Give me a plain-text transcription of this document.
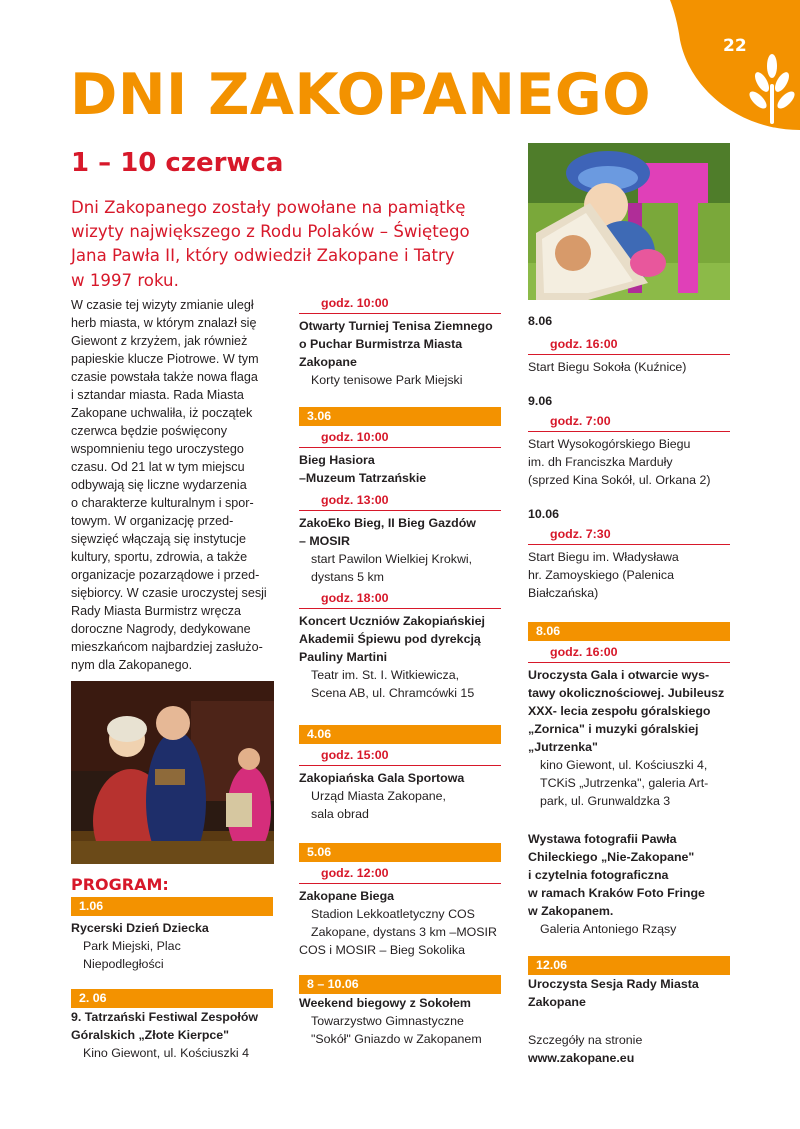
22
DNI ZAKOPANEGO
1 – 10 czerwca
Dni Zakopanego zostały powołane na pamiątkę
wizyty największego z Rodu Polaków – Świętego
Jana Pawła II, który odwiedził Zakopane i Tatry
w 1997 roku.
W czasie tej wizyty zmianie uległ
herb miasta, w którym znalazł się
Giewont z krzyżem, jak również
papieskie klucze Piotrowe. W tym
czasie powstała także nowa flaga
i sztandar miasta. Rada Miasta
Zakopane uchwaliła, iż początek
czerwca będzie poświęcony
wspomnieniu tego uroczystego
czasu. Od 21 lat w tym miejscu
odbywają się liczne wydarzenia
o charakterze kulturalnym i spor-
towym. W organizację przed-
sięwzięć włączają się instytucje
kultury, sportu, zdrowia, a także
organizacje pozarządowe i przed-
siębiorcy. W czasie uroczystej sesji
Rady Miasta Burmistrz wręcza
doroczne Nagrody, dedykowane
mieszkańcom najbardziej zasłużo-
nym dla Zakopanego.
PROGRAM:
1.06
Rycerski Dzień Dziecka
Park Miejski, Plac
Niepodległości
2. 06
9. Tatrzański Festiwal Zespołów
Góralskich „Złote Kierpce"
Kino Giewont, ul. Kościuszki 4
godz. 10:00
Otwarty Turniej Tenisa Ziemnego
o Puchar Burmistrza Miasta
Zakopane
Korty tenisowe Park Miejski
3.06
godz. 10:00
Bieg Hasiora
–Muzeum Tatrzańskie
godz. 13:00
ZakoEko Bieg, II Bieg Gazdów
– MOSIR
start Pawilon Wielkiej Krokwi,
dystans 5 km
godz. 18:00
Koncert Uczniów Zakopiańskiej
Akademii Śpiewu pod dyrekcją
Pauliny Martini
Teatr im. St. I. Witkiewicza,
Scena AB, ul. Chramcówki 15
4.06
godz. 15:00
Zakopiańska Gala Sportowa
Urząd Miasta Zakopane,
sala obrad
5.06
godz. 12:00
Zakopane Biega
Stadion Lekkoatletyczny COS
Zakopane, dystans 3 km –MOSIR
COS i MOSIR – Bieg Sokolika
8 – 10.06
Weekend biegowy z Sokołem
Towarzystwo Gimnastyczne
"Sokół" Gniazdo w Zakopanem
8.06
godz. 16:00
Start Biegu Sokoła (Kuźnice)
9.06
godz. 7:00
Start Wysokogórskiego Biegu
im. dh Franciszka Marduły
(sprzed Kina Sokół, ul. Orkana 2)
10.06
godz. 7:30
Start Biegu im. Władysława
hr. Zamoyskiego (Palenica
Białczańska)
8.06
godz. 16:00
Uroczysta Gala i otwarcie wys-
tawy okolicznościowej. Jubileusz
XXX- lecia zespołu góralskiego
„Zornica" i muzyki góralskiej
„Jutrzenka"
kino Giewont, ul. Kościuszki 4,
TCKiS „Jutrzenka", galeria Art-
park, ul. Grunwaldzka 3
Wystawa fotografii Pawła
Chileckiego „Nie-Zakopane"
i czytelnia fotograficzna
w ramach Kraków Foto Fringe
w Zakopanem.
Galeria Antoniego Rząsy
12.06
Uroczysta Sesja Rady Miasta
Zakopane
Szczegóły na stronie
www.zakopane.eu
